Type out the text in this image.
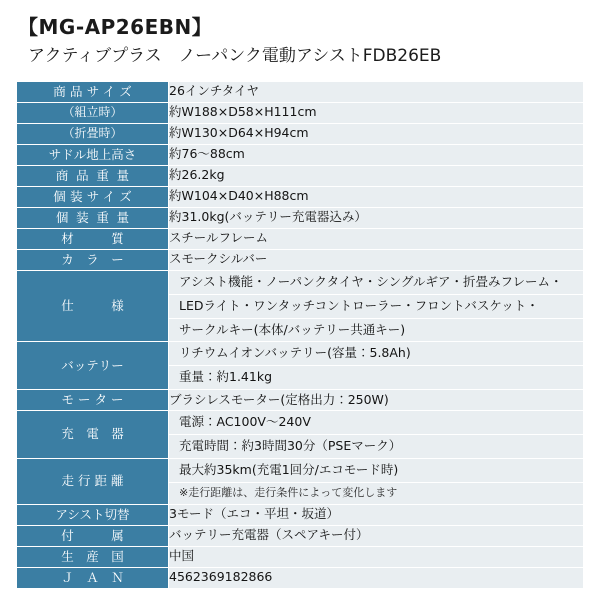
【MG-AP26EBN】
アクティブプラス　ノーパンク電動アシストFDB26EB
商品サイズ	26インチタイヤ
（組立時）	約W188×D58×H111cm
（折畳時）	約W130×D64×H94cm
サドル地上高さ	約76〜88cm
商品重量	約26.2kg
個装サイズ	約W104×D40×H88cm
個装重量	約31.0kg(バッテリー充電器込み）
材　　　質	スチールフレーム
カ　ラ　ー	スモークシルバー
仕　　　様	アシスト機能・ノーパンクタイヤ・シングルギア・折畳みフレーム・
LEDライト・ワンタッチコントローラー・フロントバスケット・
サークルキー(本体/バッテリー共通キー)

バッテリー	リチウムイオンバッテリー(容量：5.8Ah)
重量：約1.41kg

モ ー タ ー	ブラシレスモーター(定格出力：250W)
充　電　器	電源：AC100V〜240V
充電時間：約3時間30分（PSEマーク）

走 行 距 離	最大約35km(充電1回分/エコモード時)
※走行距離は、走行条件によって変化します

アシスト切替	3モード（エコ・平坦・坂道）
付　　　属	バッテリー充電器（スペアキー付）
生　産　国	中国
Ｊ　Ａ　Ｎ	4562369182866
